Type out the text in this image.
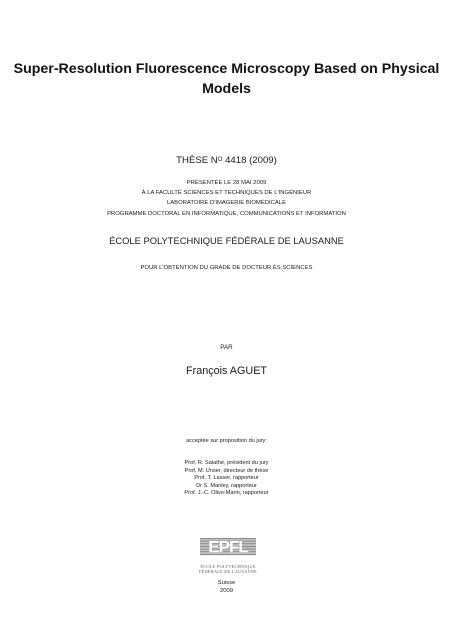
Super-Resolution Fluorescence Microscopy Based on Physical Models
THÈSE $N^O$ 4418 (2009)
PRÉSENTÉE LE 28 MAI 2009
À LA FACULTÉ SCIENCES ET TECHNIQUES DE L'INGÉNIEUR
LABORATOIRE D'IMAGERIE BIOMÉDICALE
PROGRAMME DOCTORAL EN INFORMATIQUE, COMMUNICATIONS ET INFORMATION
ÉCOLE POLYTECHNIQUE FÉDÉRALE DE LAUSANNE
POUR L'OBTENTION DU GRADE DE DOCTEUR ÈS SCIENCES
PAR
François AGUET
acceptée sur proposition du jury:
Prof. R. Salathé, président du jury
Prof. M. Unser, directeur de thèse
Prof. T. Lasser, rapporteur
Dr S. Manley, rapporteur
Prof. J.-C. Olivo-Marin, rapporteur
EPFL
ÉCOLE POLYTECHNIQUE
FÉDÉRALE DE LAUSANNE
Suisse
2009
